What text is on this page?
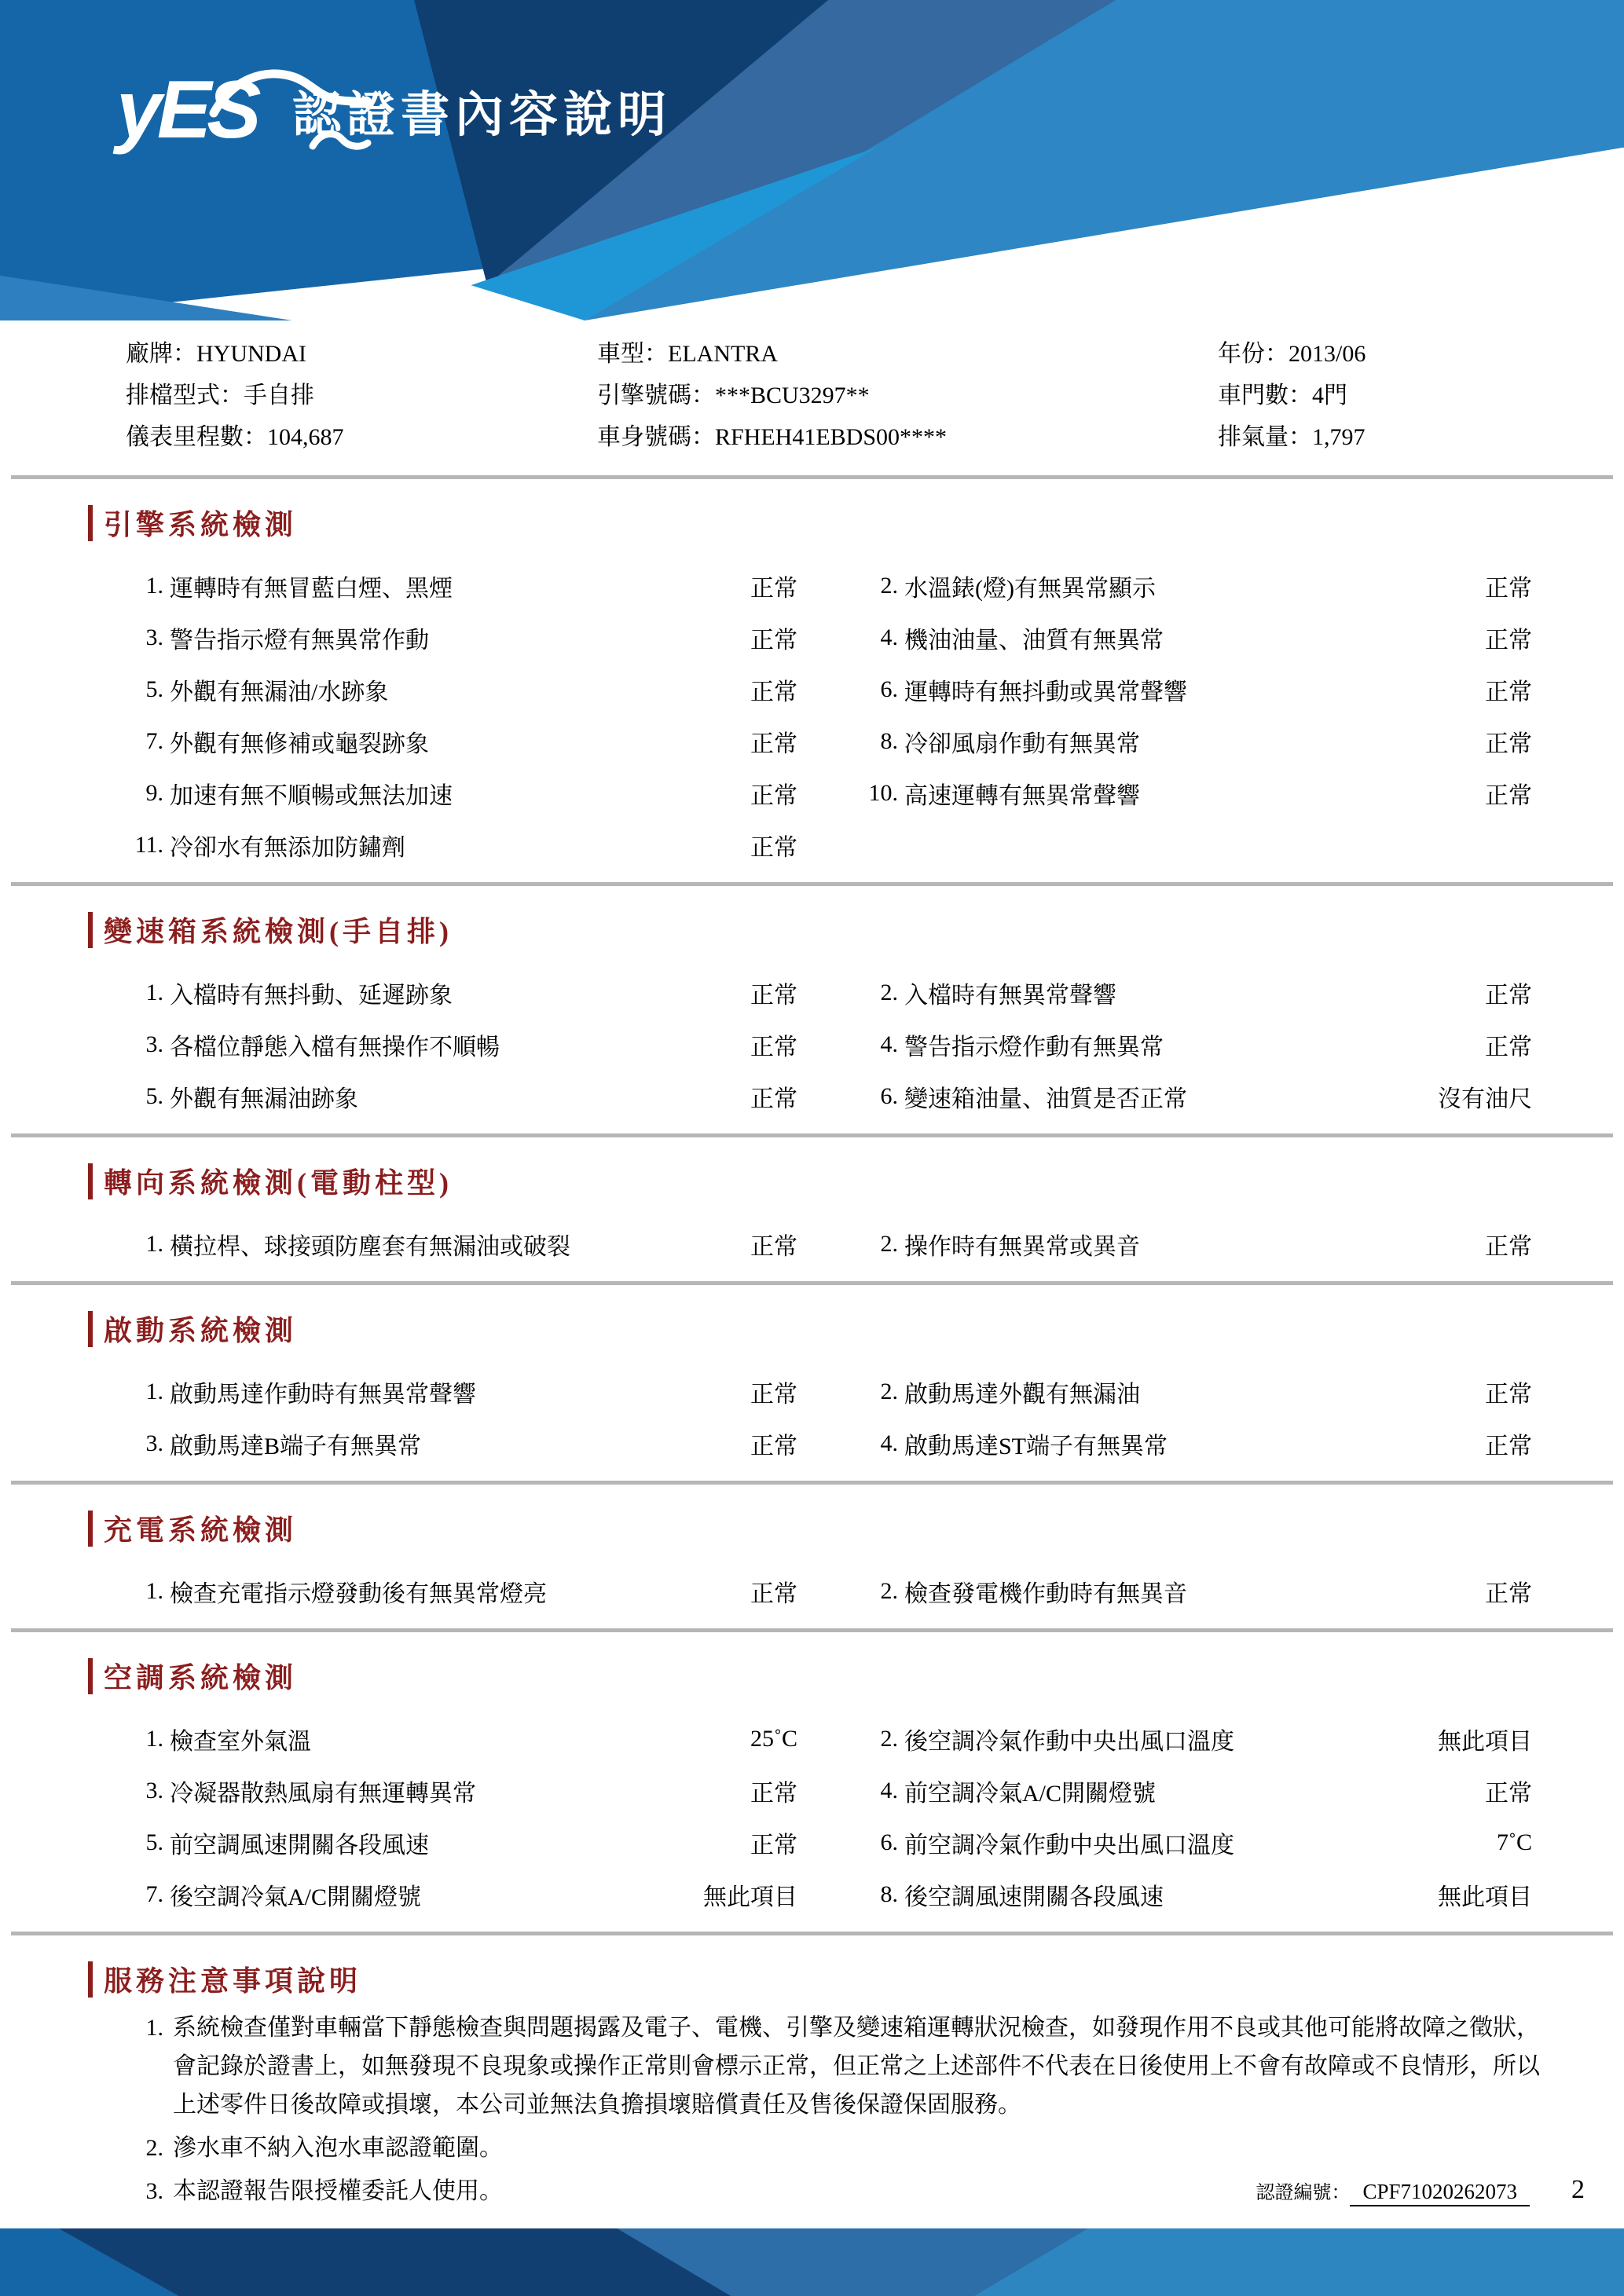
yES 認證書內容說明
廠牌：HYUNDAI	車型：ELANTRA	年份：2013/06
排檔型式：手自排	引擎號碼：***BCU3297**	車門數：4門
儀表里程數：104,687	車身號碼：RFHEH41EBDS00****	排氣量：1,797
引擎系統檢測
1. 運轉時有無冒藍白煙、黑煙	正常	2. 水溫錶(燈)有無異常顯示	正常
3. 警告指示燈有無異常作動	正常	4. 機油油量、油質有無異常	正常
5. 外觀有無漏油/水跡象	正常	6. 運轉時有無抖動或異常聲響	正常
7. 外觀有無修補或龜裂跡象	正常	8. 冷卻風扇作動有無異常	正常
9. 加速有無不順暢或無法加速	正常	10. 高速運轉有無異常聲響	正常
11. 冷卻水有無添加防鏽劑	正常
變速箱系統檢測(手自排)
1. 入檔時有無抖動、延遲跡象	正常	2. 入檔時有無異常聲響	正常
3. 各檔位靜態入檔有無操作不順暢	正常	4. 警告指示燈作動有無異常	正常
5. 外觀有無漏油跡象	正常	6. 變速箱油量、油質是否正常	沒有油尺
轉向系統檢測(電動柱型)
1. 橫拉桿、球接頭防塵套有無漏油或破裂	正常	2. 操作時有無異常或異音	正常
啟動系統檢測
1. 啟動馬達作動時有無異常聲響	正常	2. 啟動馬達外觀有無漏油	正常
3. 啟動馬達B端子有無異常	正常	4. 啟動馬達ST端子有無異常	正常
充電系統檢測
1. 檢查充電指示燈發動後有無異常燈亮	正常	2. 檢查發電機作動時有無異音	正常
空調系統檢測
1. 檢查室外氣溫	25˚C	2. 後空調冷氣作動中央出風口溫度	無此項目
3. 冷凝器散熱風扇有無運轉異常	正常	4. 前空調冷氣A/C開關燈號	正常
5. 前空調風速開關各段風速	正常	6. 前空調冷氣作動中央出風口溫度	7˚C
7. 後空調冷氣A/C開關燈號	無此項目	8. 後空調風速開關各段風速	無此項目
服務注意事項說明
1. 系統檢查僅對車輛當下靜態檢查與問題揭露及電子、電機、引擎及變速箱運轉狀況檢查，如發現作用不良或其他可能將故障之徵狀，會記錄於證書上，如無發現不良現象或操作正常則會標示正常，但正常之上述部件不代表在日後使用上不會有故障或不良情形，所以上述零件日後故障或損壞，本公司並無法負擔損壞賠償責任及售後保證保固服務。
2. 滲水車不納入泡水車認證範圍。
3. 本認證報告限授權委託人使用。	認證編號： CPF71020262073	2
